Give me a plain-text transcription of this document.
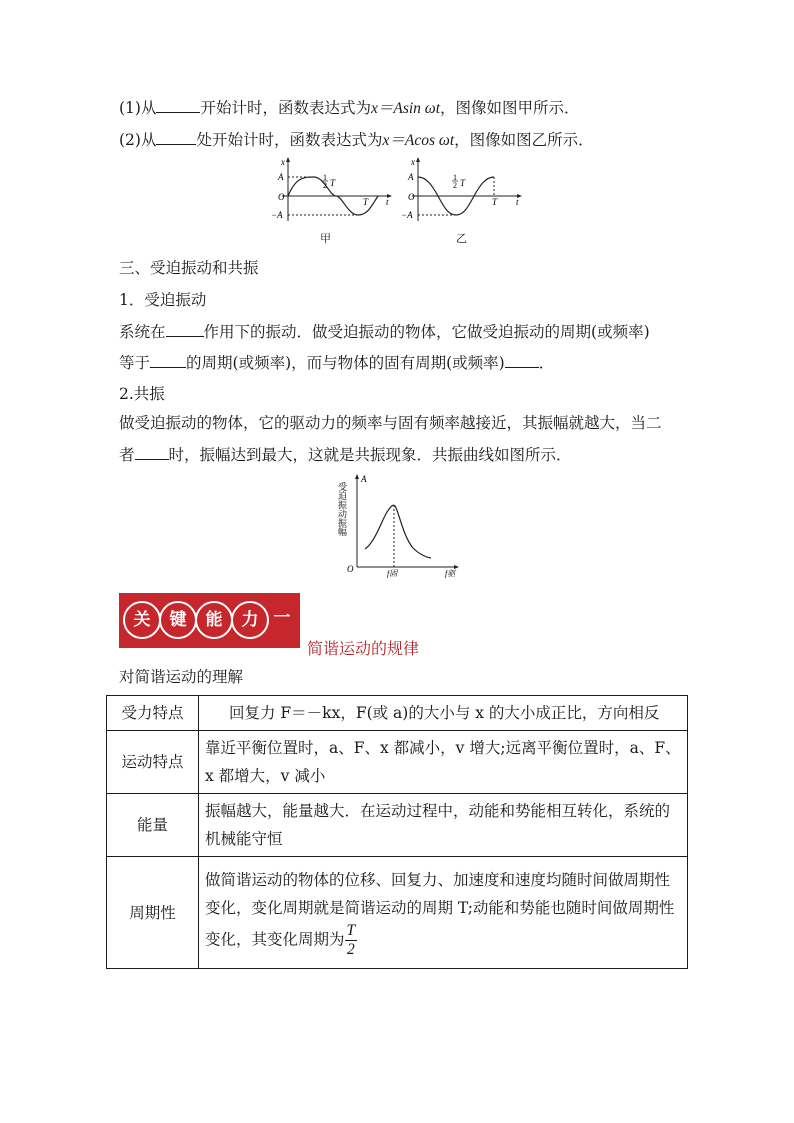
(1)从	开始计时，函数表达式为x＝Asin ωt，图像如图甲所示．
(2)从	处开始计时，函数表达式为x＝Acos ωt，图像如图乙所示．
x
A
O
−A
1
2 T
T t
甲
x
A
O
−A
1
2 T
T t
乙
三、受迫振动和共振
1．受迫振动
系统在 作用下的振动．做受迫振动的物体，它做受迫振动的周期(或频率)
等于 的周期(或频率)，而与物体的固有周期(或频率) ．
2.共振
做受迫振动的物体，它的驱动力的频率与固有频率越接近，其振幅就越大，当二
者 时，振幅达到最大，这就是共振现象．共振曲线如图所示．
受迫振动振幅
A
O	f固	f驱
关	键	能	力 一
简谐运动的规律
对简谐运动的理解
受力特点	回复力 F＝－kx，F(或 a)的大小与 x 的大小成正比，方向相反
运动特点	靠近平衡位置时，a、F、x 都减小，v 增大;远离平衡位置时，a、F、x 都增大，v 减小
能量	振幅越大，能量越大．在运动过程中，动能和势能相互转化，系统的机械能守恒
周期性	做简谐运动的物体的位移、回复力、加速度和速度均随时间做周期性变化，变化周期就是简谐运动的周期 T;动能和势能也随时间做周期性变化，其变化周期为 $\frac{T}{2}$
